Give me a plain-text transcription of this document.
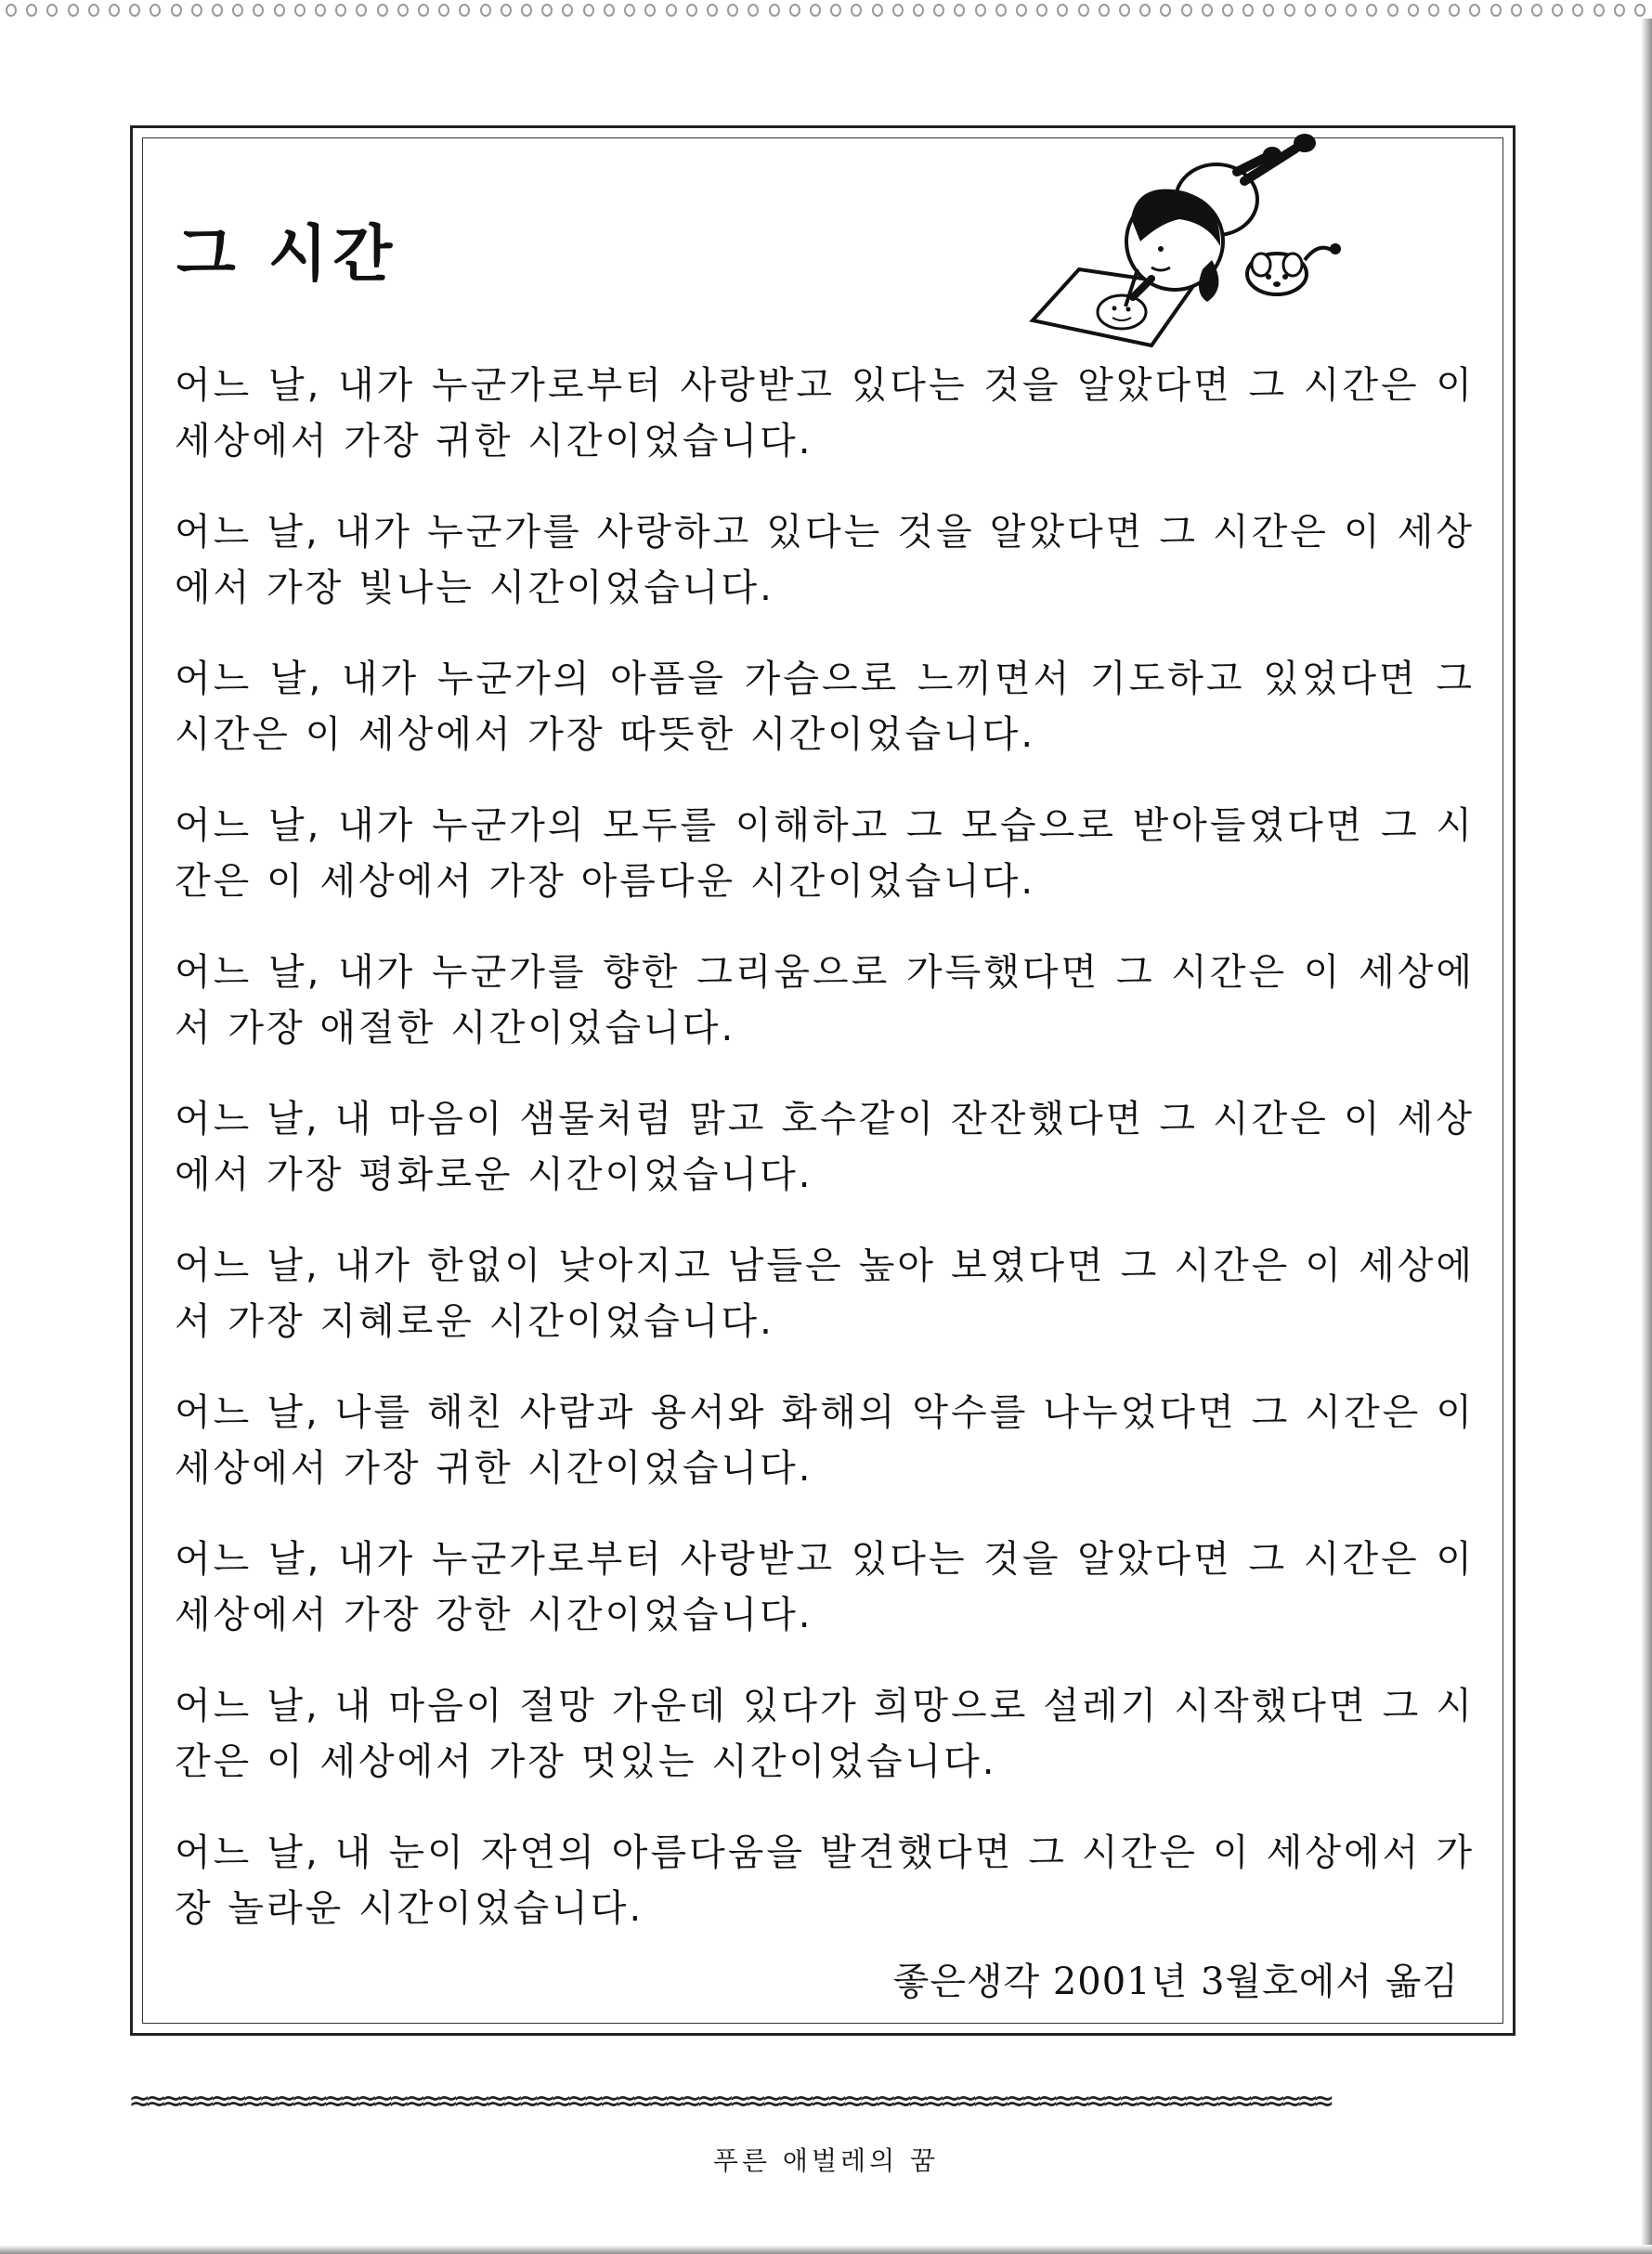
그 시간

어느 날, 내가 누군가로부터 사랑받고 있다는 것을 알았다면 그 시간은 이 세상에서 가장 귀한 시간이었습니다.

어느 날, 내가 누군가를 사랑하고 있다는 것을 알았다면 그 시간은 이 세상에서 가장 빛나는 시간이었습니다.

어느 날, 내가 누군가의 아픔을 가슴으로 느끼면서 기도하고 있었다면 그 시간은 이 세상에서 가장 따뜻한 시간이었습니다.

어느 날, 내가 누군가의 모두를 이해하고 그 모습으로 받아들였다면 그 시간은 이 세상에서 가장 아름다운 시간이었습니다.

어느 날, 내가 누군가를 향한 그리움으로 가득했다면 그 시간은 이 세상에서 가장 애절한 시간이었습니다.

어느 날, 내 마음이 샘물처럼 맑고 호수같이 잔잔했다면 그 시간은 이 세상에서 가장 평화로운 시간이었습니다.

어느 날, 내가 한없이 낮아지고 남들은 높아 보였다면 그 시간은 이 세상에서 가장 지혜로운 시간이었습니다.

어느 날, 나를 해친 사람과 용서와 화해의 악수를 나누었다면 그 시간은 이 세상에서 가장 귀한 시간이었습니다.

어느 날, 내가 누군가로부터 사랑받고 있다는 것을 알았다면 그 시간은 이 세상에서 가장 강한 시간이었습니다.

어느 날, 내 마음이 절망 가운데 있다가 희망으로 설레기 시작했다면 그 시간은 이 세상에서 가장 멋있는 시간이었습니다.

어느 날, 내 눈이 자연의 아름다움을 발견했다면 그 시간은 이 세상에서 가장 놀라운 시간이었습니다.

좋은생각 2001년 3월호에서 옮김
≈≈≈≈≈≈≈≈≈≈≈≈≈≈≈≈≈≈≈≈≈≈≈≈≈≈≈≈≈≈≈≈≈≈≈≈≈≈≈≈≈≈≈≈≈≈≈≈≈≈≈≈≈≈≈≈≈≈≈≈≈≈≈≈≈≈≈≈≈≈≈≈≈≈
푸른 애벌레의 꿈
